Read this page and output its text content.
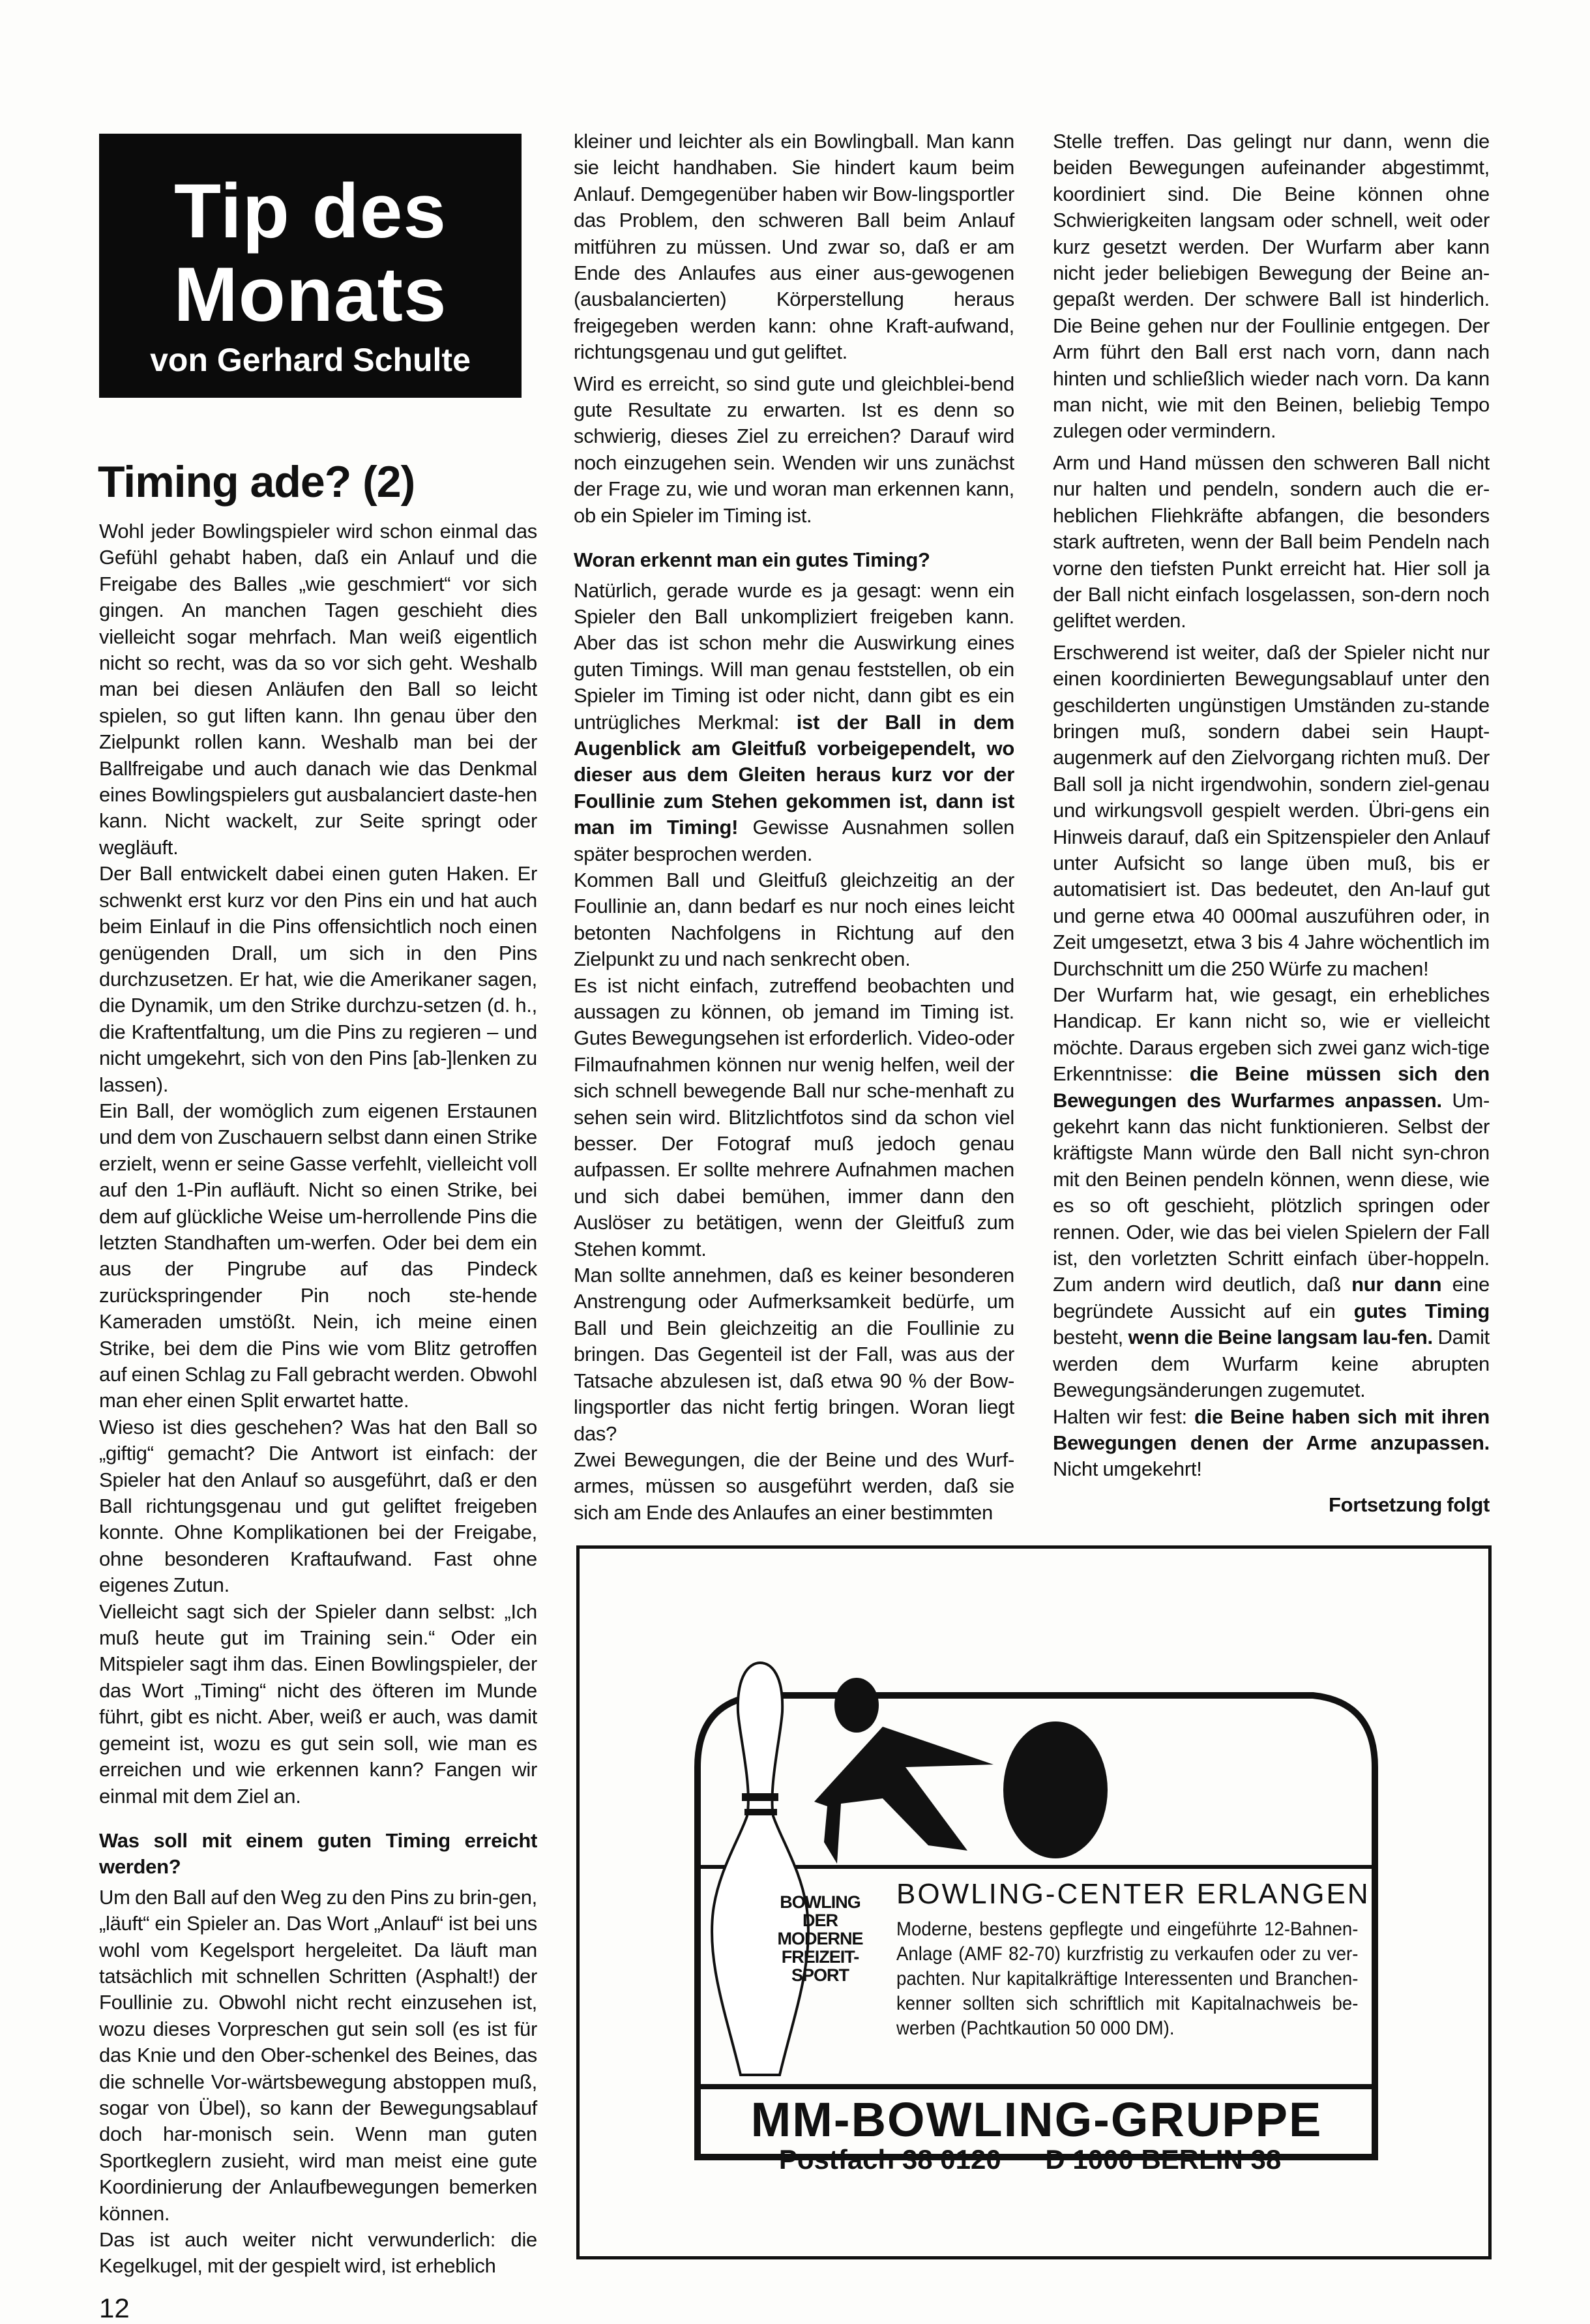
Tip des Monats
von Gerhard Schulte
Timing ade? (2)

Wohl jeder Bowlingspieler wird schon einmal das Gefühl gehabt haben, daß ein Anlauf und die Freigabe des Balles „wie geschmiert“ vor sich gingen. An manchen Tagen geschieht dies vielleicht sogar mehrfach. Man weiß eigentlich nicht so recht, was da so vor sich geht. Weshalb man bei diesen Anläufen den Ball so leicht spielen, so gut liften kann. Ihn genau über den Zielpunkt rollen kann. Weshalb man bei der Ballfreigabe und auch danach wie das Denkmal eines Bowlingspielers gut ausbalanciert daste-hen kann. Nicht wackelt, zur Seite springt oder wegläuft.

Der Ball entwickelt dabei einen guten Haken. Er schwenkt erst kurz vor den Pins ein und hat auch beim Einlauf in die Pins offensichtlich noch einen genügenden Drall, um sich in den Pins durchzusetzen. Er hat, wie die Amerikaner sagen, die Dynamik, um den Strike durchzu-setzen (d. h., die Kraftentfaltung, um die Pins zu regieren – und nicht umgekehrt, sich von den Pins [ab-]lenken zu lassen).

Ein Ball, der womöglich zum eigenen Erstaunen und dem von Zuschauern selbst dann einen Strike erzielt, wenn er seine Gasse verfehlt, vielleicht voll auf den 1-Pin aufläuft. Nicht so einen Strike, bei dem auf glückliche Weise um-herrollende Pins die letzten Standhaften um-werfen. Oder bei dem ein aus der Pingrube auf das Pindeck zurückspringender Pin noch ste-hende Kameraden umstößt. Nein, ich meine einen Strike, bei dem die Pins wie vom Blitz getroffen auf einen Schlag zu Fall gebracht werden. Obwohl man eher einen Split erwartet hatte.

Wieso ist dies geschehen? Was hat den Ball so „giftig“ gemacht? Die Antwort ist einfach: der Spieler hat den Anlauf so ausgeführt, daß er den Ball richtungsgenau und gut geliftet freigeben konnte. Ohne Komplikationen bei der Freigabe, ohne besonderen Kraftaufwand. Fast ohne eigenes Zutun.

Vielleicht sagt sich der Spieler dann selbst: „Ich muß heute gut im Training sein.“ Oder ein Mitspieler sagt ihm das. Einen Bowlingspieler, der das Wort „Timing“ nicht des öfteren im Munde führt, gibt es nicht. Aber, weiß er auch, was damit gemeint ist, wozu es gut sein soll, wie man es erreichen und wie erkennen kann? Fangen wir einmal mit dem Ziel an.

Was soll mit einem guten Timing erreicht werden?

Um den Ball auf den Weg zu den Pins zu brin-gen, „läuft“ ein Spieler an. Das Wort „Anlauf“ ist bei uns wohl vom Kegelsport hergeleitet. Da läuft man tatsächlich mit schnellen Schritten (Asphalt!) der Foullinie zu. Obwohl nicht recht einzusehen ist, wozu dieses Vorpreschen gut sein soll (es ist für das Knie und den Ober-schenkel des Beines, das die schnelle Vor-wärtsbewegung abstoppen muß, sogar von Übel), so kann der Bewegungsablauf doch har-monisch sein. Wenn man guten Sportkeglern zusieht, wird man meist eine gute Koordinierung der Anlaufbewegungen bemerken können.

Das ist auch weiter nicht verwunderlich: die Kegelkugel, mit der gespielt wird, ist erheblich

kleiner und leichter als ein Bowlingball. Man kann sie leicht handhaben. Sie hindert kaum beim Anlauf. Demgegenüber haben wir Bow-lingsportler das Problem, den schweren Ball beim Anlauf mitführen zu müssen. Und zwar so, daß er am Ende des Anlaufes aus einer aus-gewogenen (ausbalancierten) Körperstellung heraus freigegeben werden kann: ohne Kraft-aufwand, richtungsgenau und gut geliftet.

Wird es erreicht, so sind gute und gleichblei-bend gute Resultate zu erwarten. Ist es denn so schwierig, dieses Ziel zu erreichen? Darauf wird noch einzugehen sein. Wenden wir uns zunächst der Frage zu, wie und woran man erkennen kann, ob ein Spieler im Timing ist.

Woran erkennt man ein gutes Timing?

Natürlich, gerade wurde es ja gesagt: wenn ein Spieler den Ball unkompliziert freigeben kann. Aber das ist schon mehr die Auswirkung eines guten Timings. Will man genau feststellen, ob ein Spieler im Timing ist oder nicht, dann gibt es ein untrügliches Merkmal: ist der Ball in dem Augenblick am Gleitfuß vorbeigependelt, wo dieser aus dem Gleiten heraus kurz vor der Foullinie zum Stehen gekommen ist, dann ist man im Timing! Gewisse Ausnahmen sollen später besprochen werden.

Kommen Ball und Gleitfuß gleichzeitig an der Foullinie an, dann bedarf es nur noch eines leicht betonten Nachfolgens in Richtung auf den Zielpunkt zu und nach senkrecht oben.

Es ist nicht einfach, zutreffend beobachten und aussagen zu können, ob jemand im Timing ist. Gutes Bewegungsehen ist erforderlich. Video-oder Filmaufnahmen können nur wenig helfen, weil der sich schnell bewegende Ball nur sche-menhaft zu sehen sein wird. Blitzlichtfotos sind da schon viel besser. Der Fotograf muß jedoch genau aufpassen. Er sollte mehrere Aufnahmen machen und sich dabei bemühen, immer dann den Auslöser zu betätigen, wenn der Gleitfuß zum Stehen kommt.

Man sollte annehmen, daß es keiner besonderen Anstrengung oder Aufmerksamkeit bedürfe, um Ball und Bein gleichzeitig an die Foullinie zu bringen. Das Gegenteil ist der Fall, was aus der Tatsache abzulesen ist, daß etwa 90 % der Bow-lingsportler das nicht fertig bringen. Woran liegt das?

Zwei Bewegungen, die der Beine und des Wurf-armes, müssen so ausgeführt werden, daß sie sich am Ende des Anlaufes an einer bestimmten

Stelle treffen. Das gelingt nur dann, wenn die beiden Bewegungen aufeinander abgestimmt, koordiniert sind. Die Beine können ohne Schwierigkeiten langsam oder schnell, weit oder kurz gesetzt werden. Der Wurfarm aber kann nicht jeder beliebigen Bewegung der Beine an-gepaßt werden. Der schwere Ball ist hinderlich. Die Beine gehen nur der Foullinie entgegen. Der Arm führt den Ball erst nach vorn, dann nach hinten und schließlich wieder nach vorn. Da kann man nicht, wie mit den Beinen, beliebig Tempo zulegen oder vermindern.

Arm und Hand müssen den schweren Ball nicht nur halten und pendeln, sondern auch die er-heblichen Fliehkräfte abfangen, die besonders stark auftreten, wenn der Ball beim Pendeln nach vorne den tiefsten Punkt erreicht hat. Hier soll ja der Ball nicht einfach losgelassen, son-dern noch geliftet werden.

Erschwerend ist weiter, daß der Spieler nicht nur einen koordinierten Bewegungsablauf unter den geschilderten ungünstigen Umständen zu-stande bringen muß, sondern dabei sein Haupt-augenmerk auf den Zielvorgang richten muß. Der Ball soll ja nicht irgendwohin, sondern ziel-genau und wirkungsvoll gespielt werden. Übri-gens ein Hinweis darauf, daß ein Spitzenspieler den Anlauf unter Aufsicht so lange üben muß, bis er automatisiert ist. Das bedeutet, den An-lauf gut und gerne etwa 40 000mal auszuführen oder, in Zeit umgesetzt, etwa 3 bis 4 Jahre wöchentlich im Durchschnitt um die 250 Würfe zu machen!

Der Wurfarm hat, wie gesagt, ein erhebliches Handicap. Er kann nicht so, wie er vielleicht möchte. Daraus ergeben sich zwei ganz wich-tige Erkenntnisse: die Beine müssen sich den Bewegungen des Wurfarmes anpassen. Um-gekehrt kann das nicht funktionieren. Selbst der kräftigste Mann würde den Ball nicht syn-chron mit den Beinen pendeln können, wenn diese, wie es so oft geschieht, plötzlich springen oder rennen. Oder, wie das bei vielen Spielern der Fall ist, den vorletzten Schritt einfach über-hoppeln. Zum andern wird deutlich, daß nur dann eine begründete Aussicht auf ein gutes Timing besteht, wenn die Beine langsam lau-fen. Damit werden dem Wurfarm keine abrupten Bewegungsänderungen zugemutet.

Halten wir fest: die Beine haben sich mit ihren Bewegungen denen der Arme anzupassen. Nicht umgekehrt!

Fortsetzung folgt

BOWLING
DER
MODERNE
FREIZEIT-
SPORT
BOWLING-CENTER ERLANGEN
Moderne, bestens gepflegte und eingeführte 12-Bahnen-Anlage (AMF 82-70) kurzfristig zu verkaufen oder zu ver-pachten. Nur kapitalkräftige Interessenten und Branchen-kenner sollten sich schriftlich mit Kapitalnachweis be-werben (Pachtkaution 50 000 DM).
MM-BOWLING-GRUPPE
Postfach 38 0120 D 1000 BERLIN 38
12
